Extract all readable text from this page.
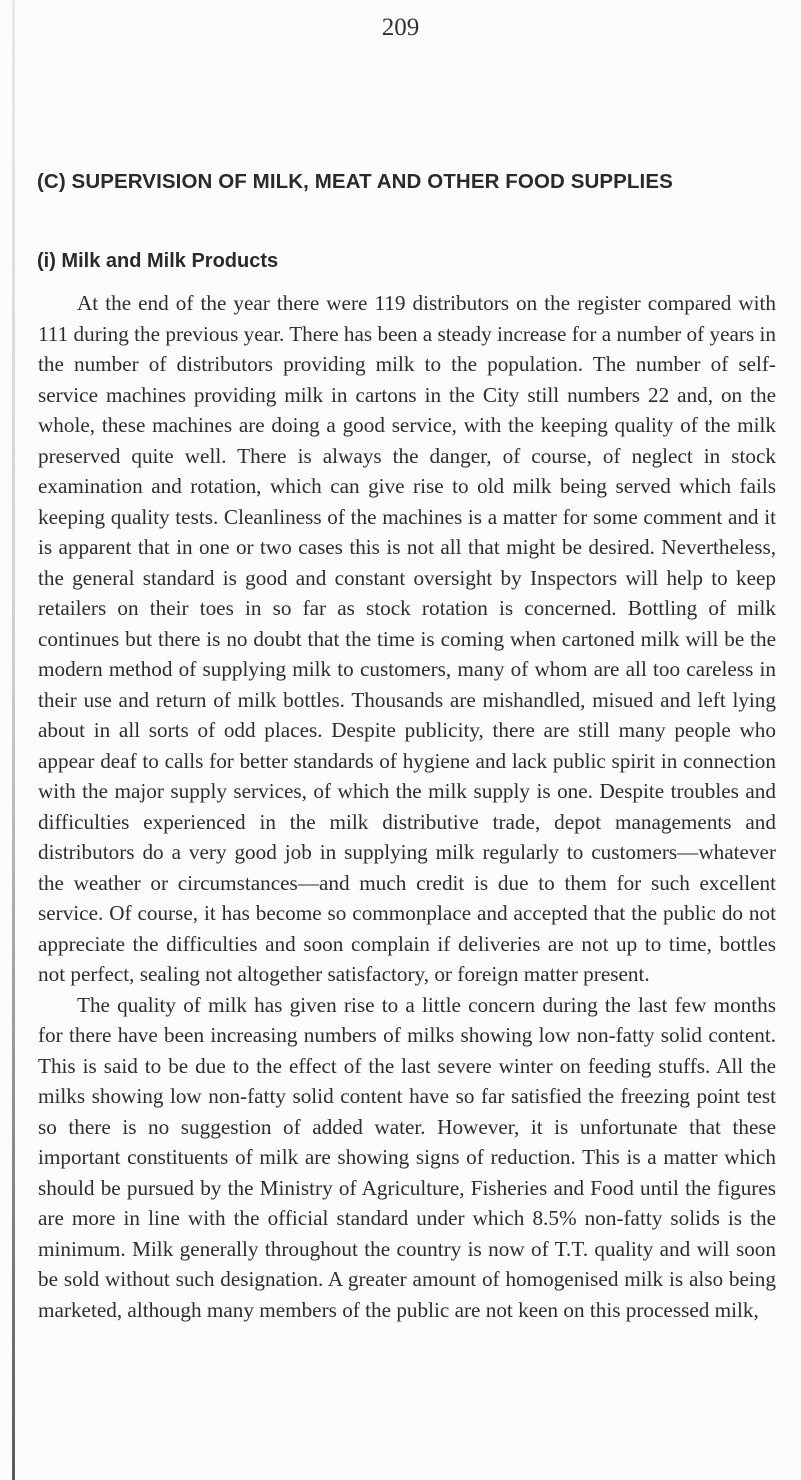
209
(C) SUPERVISION OF MILK, MEAT AND OTHER FOOD SUPPLIES
(i) Milk and Milk Products

At the end of the year there were 119 distributors on the register compared with 111 during the previous year. There has been a steady increase for a number of years in the number of distributors providing milk to the population. The number of self-service machines providing milk in cartons in the City still numbers 22 and, on the whole, these machines are doing a good service, with the keeping quality of the milk preserved quite well. There is always the danger, of course, of neglect in stock examination and rotation, which can give rise to old milk being served which fails keeping quality tests. Cleanliness of the machines is a matter for some comment and it is apparent that in one or two cases this is not all that might be desired. Nevertheless, the general standard is good and constant oversight by Inspectors will help to keep retailers on their toes in so far as stock rotation is concerned. Bottling of milk continues but there is no doubt that the time is coming when cartoned milk will be the modern method of supplying milk to customers, many of whom are all too careless in their use and return of milk bottles. Thousands are mishandled, misued and left lying about in all sorts of odd places. Despite publicity, there are still many people who appear deaf to calls for better standards of hygiene and lack public spirit in connection with the major supply services, of which the milk supply is one. Despite troubles and difficulties experienced in the milk distributive trade, depot managements and distributors do a very good job in supplying milk regularly to customers—whatever the weather or circumstances—and much credit is due to them for such excellent service. Of course, it has become so commonplace and accepted that the public do not appreciate the difficulties and soon complain if deliveries are not up to time, bottles not perfect, sealing not altogether satisfactory, or foreign matter present.

The quality of milk has given rise to a little concern during the last few months for there have been increasing numbers of milks showing low non-fatty solid content. This is said to be due to the effect of the last severe winter on feeding stuffs. All the milks showing low non-fatty solid content have so far satisfied the freezing point test so there is no suggestion of added water. However, it is unfortunate that these important constituents of milk are showing signs of reduction. This is a matter which should be pursued by the Ministry of Agriculture, Fisheries and Food until the figures are more in line with the official standard under which 8.5% non-fatty solids is the minimum. Milk generally throughout the country is now of T.T. quality and will soon be sold without such designation. A greater amount of homogenised milk is also being marketed, although many members of the public are not keen on this processed milk,
